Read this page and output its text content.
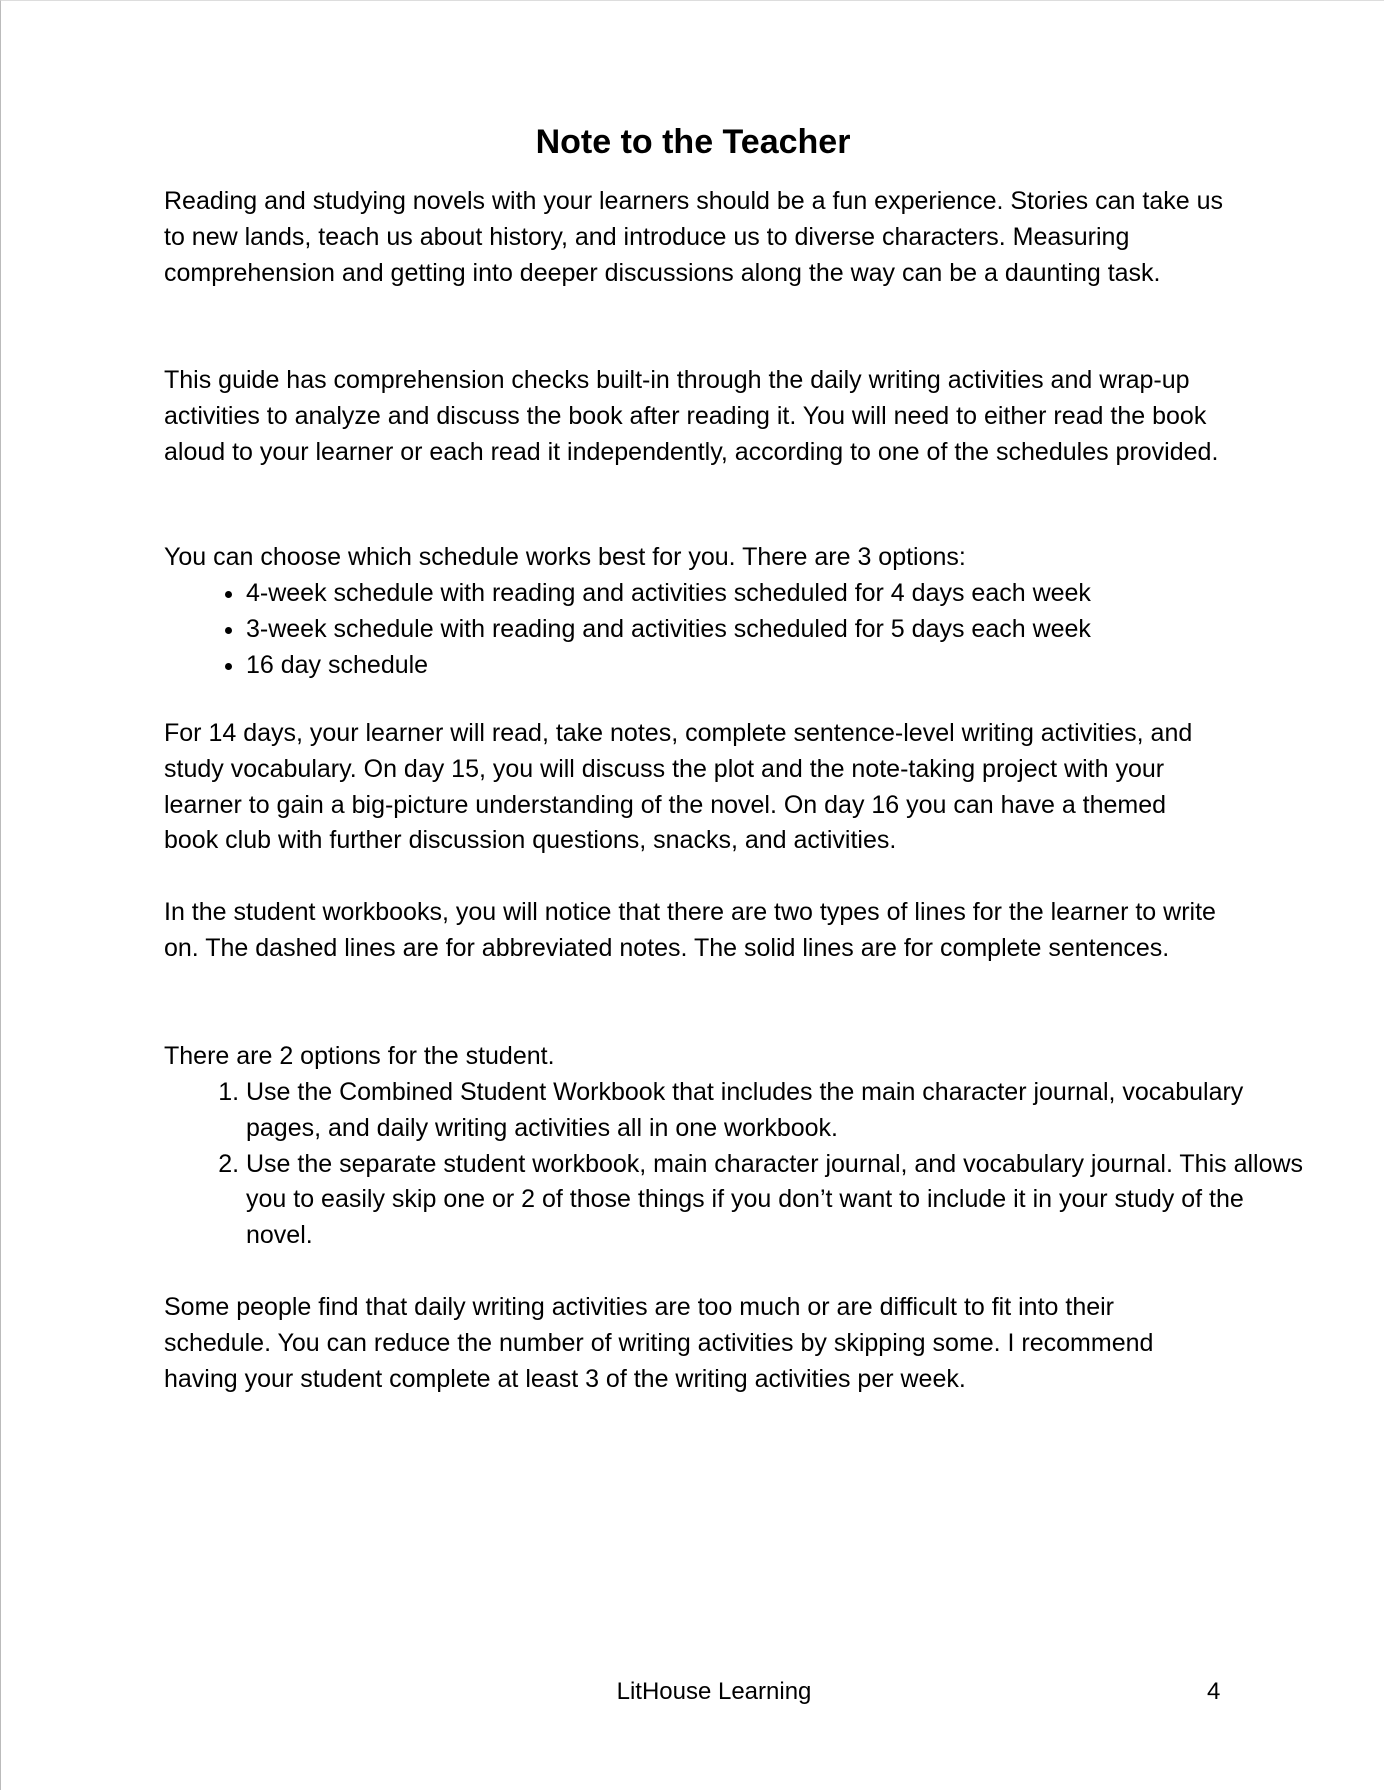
Note to the Teacher

Reading and studying novels with your learners should be a fun experience. Stories can take us to new lands, teach us about history, and introduce us to diverse characters. Measuring comprehension and getting into deeper discussions along the way can be a daunting task.

This guide has comprehension checks built-in through the daily writing activities and wrap-up activities to analyze and discuss the book after reading it. You will need to either read the book aloud to your learner or each read it independently, according to one of the schedules provided.

You can choose which schedule works best for you. There are 3 options:

• 4-week schedule with reading and activities scheduled for 4 days each week
• 3-week schedule with reading and activities scheduled for 5 days each week
• 16 day schedule

For 14 days, your learner will read, take notes, complete sentence-level writing activities, and study vocabulary. On day 15, you will discuss the plot and the note-taking project with your learner to gain a big-picture understanding of the novel. On day 16 you can have a themed book club with further discussion questions, snacks, and activities.

In the student workbooks, you will notice that there are two types of lines for the learner to write on. The dashed lines are for abbreviated notes. The solid lines are for complete sentences.

There are 2 options for the student.

1. Use the Combined Student Workbook that includes the main character journal, vocabulary pages, and daily writing activities all in one workbook.
2. Use the separate student workbook, main character journal, and vocabulary journal. This allows you to easily skip one or 2 of those things if you don’t want to include it in your study of the novel.

Some people find that daily writing activities are too much or are difficult to fit into their schedule. You can reduce the number of writing activities by skipping some. I recommend having your student complete at least 3 of the writing activities per week.

LitHouse Learning	4
